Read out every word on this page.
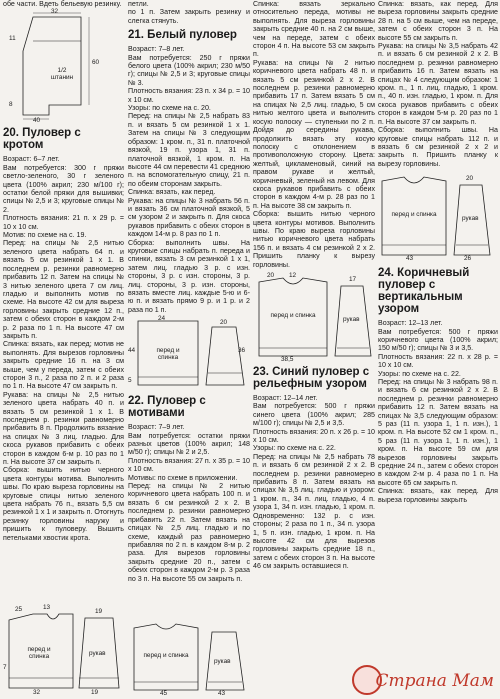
обе части. Вдеть бельевую резинку.

32
1/2 штанин
60
11
8
40
20. Пуловер с кротом

Возраст: 6–7 лет.

Вам потребуется: 300 г пряжи светло-зеленого, 30 г зеленого цвета (100% акрил; 230 м/100 г); остатки белой пряжи для вышивки; спицы № 2,5 и 3; круговые спицы № 2.

Плотность вязания: 21 п. х 29 р. = 10 х 10 см.

Мотив: по схеме на с. 19.

Перед: на спицы № 2,5 нитью зеленого цвета набрать 64 п. и вязать 5 см резинкой 1 х 1. В последнем р. резинки равномерно прибавить 12 п. Затем на спицы № 3 нитью зеленого цвета 7 см лиц. гладью и выполнить мотив по схеме. На высоте 42 см для выреза горловины закрыть средние 12 п., затем с обеих сторон в каждом 2-м р. 2 раза по 1 п. На высоте 47 см закрыть п.

Спинка: вязать, как перед; мотив не выполнять. Для вырезов горловины закрыть средние 16 п. на 3 см выше, чем у переда, затем с обеих сторон 3 п., 2 раза по 2 п. и 2 раза по 1 п. На высоте 47 см закрыть п.

Рукава: на спицы № 2,5 нитью зеленого цвета набрать 40 п. и вязать 5 см резинкой 1 х 1. В последнем р. резинки равномерно прибавить 8 п. Продолжить вязание на спицах № 3 лиц. гладью. Для скоса рукавов прибавить с обеих сторон в каждом 6-м р. 10 раз по 1 п. На высоте 37 см закрыть п.

Сборка: вышить нитью черного цвета контуры мотива. Выполнить швы. По краю выреза горловины на круговые спицы нитью зеленого цвета набрать 76 п., вязать 5,5 см резинкой 1 х 1 и закрыть п. Отогнуть резинку горловины наружу и пришить к пуловеру. Вышить петельками хвостик крота.

перед и спинка	рукав
25	13
7
19
32	19

петли.

по 1 п. Затем закрыть резинку и слегка стянуть.

21. Белый пуловер

Возраст: 7–8 лет.

Вам потребуется: 250 г пряжи белого цвета (100% акрил; 230 м/50 г); спицы № 2,5 и 3; круговые спицы № 3.

Плотность вязания: 23 п. х 34 р. = 10 х 10 см.

Узоры: по схеме на с. 20.

Перед: на спицы № 2,5 набрать 83 п. и вязать 5 см резинкой 1 х 1. Затем на спицы № 3 следующим образом: 1 кром. п., 31 п. платочной вязкой, 19 п. узора 1, 31 п. платочной вязкой, 1 кром. п. На высоте 44 см перевести 41 среднюю п. на вспомогательную спицу, 21 п. по обеим сторонам закрыть.

Спинка: вязать, как перед.

Рукава: на спицы № 3 набрать 56 п. и вязать 36 см платочной вязкой, 5 см узором 2 и закрыть п. Для скоса рукавов прибавить с обеих сторон в каждом 14-м р. 8 раз по 1 п.

Сборка: выполнить швы. На круговые спицы набрать п. переда и спинки, вязать 3 см резинкой 1 х 1, затем лиц. гладью 3 р. с изн. стороны, 3 р. с изн. стороны, 3 р. лиц. стороны, 3 р. изн. стороны, вязать вместе лиц. каждые 5-ю и 6-ю п. и вязать прямо 9 р. и 1 р. и 2 раза по 1 п.

перед и спинка
24
44
5
20
36
22. Пуловер с мотивами

Возраст: 7–9 лет.

Вам потребуется: остатки пряжи разных цветов (100% акрил; 148 м/50 г); спицы № 2 и 2,5.

Плотность вязания: 27 п. х 35 р. = 10 х 10 см.

Мотивы: по схеме в приложении.

Перед: на спицы № 2 нитью коричневого цвета набрать 100 п. и вязать 6 см резинкой 2 х 2. В последнем р. резинки равномерно прибавить 22 п. Затем вязать на спицах № 2,5 лиц. гладью и по схеме, каждый раз равномерно прибавляя по 2 п. в каждом 8-м р. 2 раза. Для вырезов горловины закрыть средние 20 п., затем с обеих сторон в каждом 2-м р. 3 раза по 3 п. На высоте 55 см закрыть п.

перед и спинка
рукав
45	43

Спинка: вязать зеркально относительно переда, мотивы не выполнять. Для выреза горловины закрыть средние 40 п. на 2 см выше, чем на переде, затем с обеих сторон 4 п. На высоте 53 см закрыть п.

Рукава: на спицы № 2 нитью коричневого цвета набрать 48 п. и вязать 5 см резинкой 2 х 2. В последнем р. резинки равномерно прибавить 17 п. Затем вязать 5 см на спицах № 2,5 лиц. гладью, 5 см нитью желтого цвета и выполнить косую полоску — ступеньки по 2 п. Дойдя до середины рукава, продолжить вязать эту косую полоску с отклонением в противоположную сторону. Цвета: желтый, цикламеновый, синий на правом рукаве и желтый, коричневый, зеленый на левом. Для скоса рукавов прибавить с обеих сторон в каждом 4-м р. 28 раз по 1 п. На высоте 38 см закрыть п.

Сборка: вышить нитью черного цвета контуры мотивов. Выполнить швы. По краю выреза горловины нитью коричневого цвета набрать 156 п. и вязать 4 см резинкой 2 х 2. Пришить планку к вырезу горловины.

перед и спинка
рукав
20 12
17
38,5
23. Синий пуловер с рельефным узором

Возраст: 12–14 лет.

Вам потребуется: 500 г пряжи синего цвета (100% акрил; 285 м/100 г); спицы № 2,5 и 3,5.

Плотность вязания: 20 п. х 26 р. = 10 х 10 см.

Узоры: по схеме на с. 22.

Перед: на спицы № 2,5 набрать 78 п. и вязать 6 см резинкой 2 х 2. В последнем р. резинки равномерно прибавить 8 п. Затем вязать на спицах № 3,5 лиц. гладью и узором: 1 кром. п., 34 п. лиц. гладью, 4 п. узора 1, 34 п. изн. гладью, 1 кром. п. Одновременно: 132 р. с изн. стороны; 2 раза по 1 п., 34 п. узора 1, 5 п. изн. гладью, 1 кром. п. На высоте 42 см для вырезов горловины закрыть средние 18 п., затем с обеих сторон 3 п. На высоте 46 см закрыть оставшиеся п.

Спинка: вязать, как перед. Для выреза горловины закрыть средние 28 п. на 5 см выше, чем на переде, затем с обеих сторон 3 п. На высоте 55 см закрыть п.

Рукава: на спицы № 3,5 набрать 42 п. и вязать 6 см резинкой 2 х 2. В последнем р. резинки равномерно прибавить 16 п. Затем вязать на спицах № 4 следующим образом: 1 кром. п., 1 п. лиц. гладью, 1 кром. п., 40 п. изн. гладью, 1 кром. п. Для скоса рукавов прибавить с обеих сторон в каждом 5-м р. 20 раз по 1 п. На высоте 37 см закрыть п.

Сборка: выполнить швы. На круговые спицы набрать 112 п. и вязать 6 см резинкой 2 х 2 и закрыть п. Пришить планку к вырезу горловины.

перед и спинка
рукав
43	26
20
24. Коричневый пуловер с вертикальным узором

Возраст: 12–13 лет.

Вам потребуется: 500 г пряжи коричневого цвета (100% акрил; 150 м/50 г); спицы № 3 и 3,5.

Плотность вязания: 22 п. х 28 р. = 10 х 10 см.

Узоры: по схеме на с. 22.

Перед: на спицы № 3 набрать 98 п. и вязать 6 см резинкой 2 х 2. В последнем р. резинки равномерно прибавить 12 п. Затем вязать на спицах № 3,5 следующим образом: 5 раз (11 п. узора 1, 1 п. изн.), 1 кром. п. На высоте 52 см 1 кром. п., 5 раз (11 п. узора 1, 1 п. изн.), 1 кром. п. На высоте 59 см для вырезов горловины закрыть средние 24 п., затем с обеих сторон в каждом 2-м р. 4 раза по 1 п. На высоте 65 см закрыть п.

Спинка: вязать, как перед. Для выреза горловины закрыть

Страна Мам
